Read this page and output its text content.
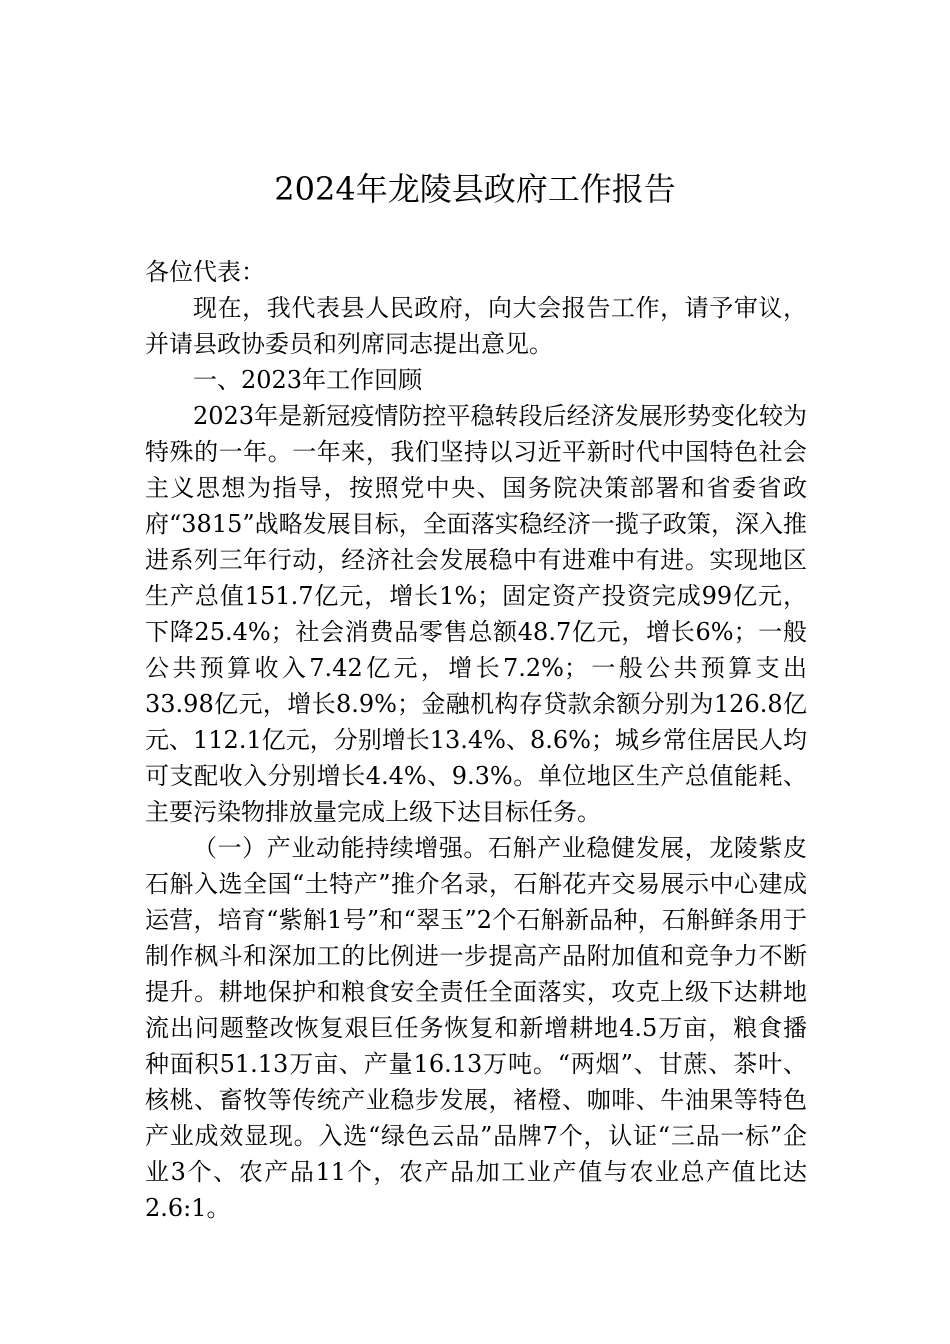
2024年龙陵县政府工作报告

各位代表：

现在，我代表县人民政府，向大会报告工作，请予审议，并请县政协委员和列席同志提出意见。

一、2023年工作回顾

2023年是新冠疫情防控平稳转段后经济发展形势变化较为特殊的一年。一年来，我们坚持以习近平新时代中国特色社会主义思想为指导，按照党中央、国务院决策部署和省委省政府“3815”战略发展目标，全面落实稳经济一揽子政策，深入推进系列三年行动，经济社会发展稳中有进难中有进。实现地区生产总值151.7亿元，增长1%；固定资产投资完成99亿元，下降25.4%；社会消费品零售总额48.7亿元，增长6%；一般公共预算收入7.42亿元，增长7.2%；一般公共预算支出33.98亿元，增长8.9%；金融机构存贷款余额分别为126.8亿元、112.1亿元，分别增长13.4%、8.6%；城乡常住居民人均可支配收入分别增长4.4%、9.3%。单位地区生产总值能耗、主要污染物排放量完成上级下达目标任务。

（一）产业动能持续增强。石斛产业稳健发展，龙陵紫皮石斛入选全国“土特产”推介名录，石斛花卉交易展示中心建成运营，培育“紫斛1号”和“翠玉”2个石斛新品种，石斛鲜条用于制作枫斗和深加工的比例进一步提高产品附加值和竞争力不断提升。耕地保护和粮食安全责任全面落实，攻克上级下达耕地流出问题整改恢复艰巨任务恢复和新增耕地4.5万亩，粮食播种面积51.13万亩、产量16.13万吨。“两烟”、甘蔗、茶叶、核桃、畜牧等传统产业稳步发展，褚橙、咖啡、牛油果等特色产业成效显现。入选“绿色云品”品牌7个，认证“三品一标”企业3个、农产品11个，农产品加工业产值与农业总产值比达2.6:1。
